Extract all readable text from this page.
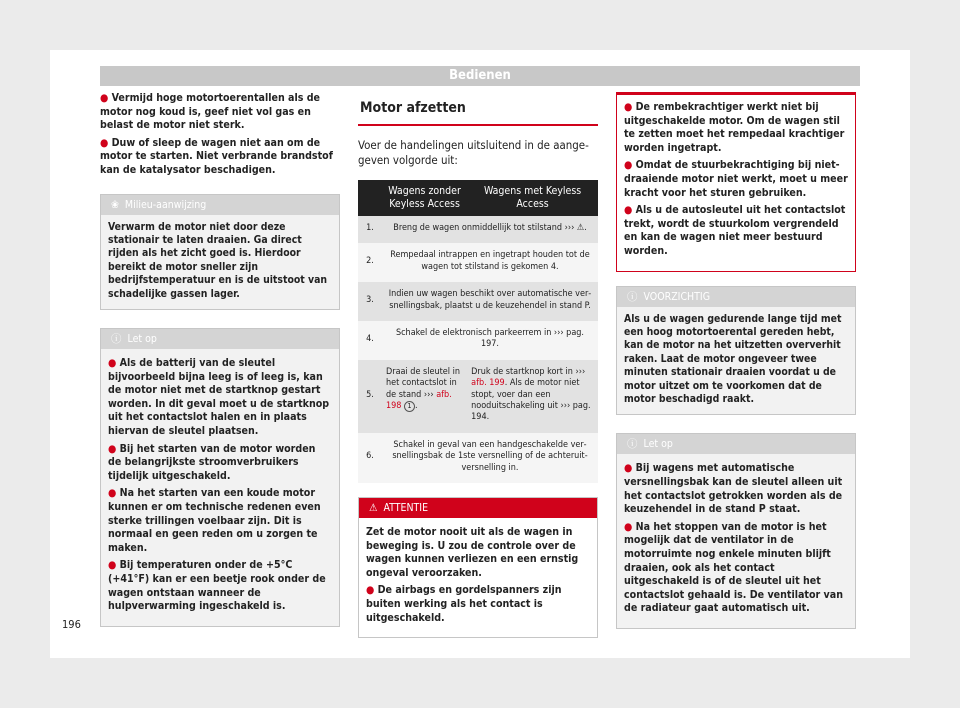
Bedienen

● Vermijd hoge motortoerentallen als de motor nog koud is, geef niet vol gas en belast de motor niet sterk.

● Duw of sleep de wagen niet aan om de motor te starten. Niet verbrande brandstof kan de katalysator beschadigen.

❀ Milieu-aanwijzing
Verwarm de motor niet door deze stationair te laten draaien. Ga direct rijden als het zicht goed is. Hierdoor bereikt de motor sneller zijn bedrijfstemperatuur en is de uitstoot van schadelijke gassen lager.
ⓘ Let op

● Als de batterij van de sleutel bijvoorbeeld bijna leeg is of leeg is, kan de motor niet met de startknop gestart worden. In dit geval moet u de startknop uit het contactslot halen en in plaats hiervan de sleutel plaatsen.

● Bij het starten van de motor worden de belangrijkste stroomverbruikers tijdelijk uitgeschakeld.

● Na het starten van een koude motor kunnen er om technische redenen even sterke trillingen voelbaar zijn. Dit is normaal en geen reden om u zorgen te maken.

● Bij temperaturen onder de +5°C (+41°F) kan er een beetje rook onder de wagen ontstaan wanneer de hulpverwarming ingeschakeld is.

Motor afzetten

Voer de handelingen uitsluitend in de aangegeven volgorde uit:

	Wagens zonder Keyless Access	Wagens met Keyless Access
1.	Breng de wagen onmiddellijk tot stilstand ››› ⚠.	
2.	Rempedaal intrappen en ingetrapt houden tot de wagen tot stilstand is gekomen 4.	
3.	Indien uw wagen beschikt over automatische versnellingsbak, plaatst u de keuzehendel in stand P.	
4.	Schakel de elektronisch parkeerrem in ››› pag. 197.	
5.	Draai de sleutel in het contactslot in de stand ››› afb. 198 1 .	Druk de startknop kort in ››› afb. 199. Als de motor niet stopt, voer dan een nooduitschakeling uit ››› pag. 194.
6.	Schakel in geval van een handgeschakelde versnellingsbak de 1ste versnelling of de achteruitversnelling in.	
⚠ ATTENTIE

Zet de motor nooit uit als de wagen in beweging is. U zou de controle over de wagen kunnen verliezen en een ernstig ongeval veroorzaken.

● De airbags en gordelspanners zijn buiten werking als het contact is uitgeschakeld.

● De rembekrachtiger werkt niet bij uitgeschakelde motor. Om de wagen stil te zetten moet het rempedaal krachtiger worden ingetrapt.

● Omdat de stuurbekrachtiging bij niet-draaiende motor niet werkt, moet u meer kracht voor het sturen gebruiken.

● Als u de autosleutel uit het contactslot trekt, wordt de stuurkolom vergrendeld en kan de wagen niet meer bestuurd worden.

ⓘ VOORZICHTIG
Als u de wagen gedurende lange tijd met een hoog motortoerental gereden hebt, kan de motor na het uitzetten oververhit raken. Laat de motor ongeveer twee minuten stationair draaien voordat u de motor uitzet om te voorkomen dat de motor beschadigd raakt.
ⓘ Let op

● Bij wagens met automatische versnellingsbak kan de sleutel alleen uit het contactslot getrokken worden als de keuzehendel in de stand P staat.

● Na het stoppen van de motor is het mogelijk dat de ventilator in de motorruimte nog enkele minuten blijft draaien, ook als het contact uitgeschakeld is of de sleutel uit het contactslot gehaald is. De ventilator van de radiateur gaat automatisch uit.

196
